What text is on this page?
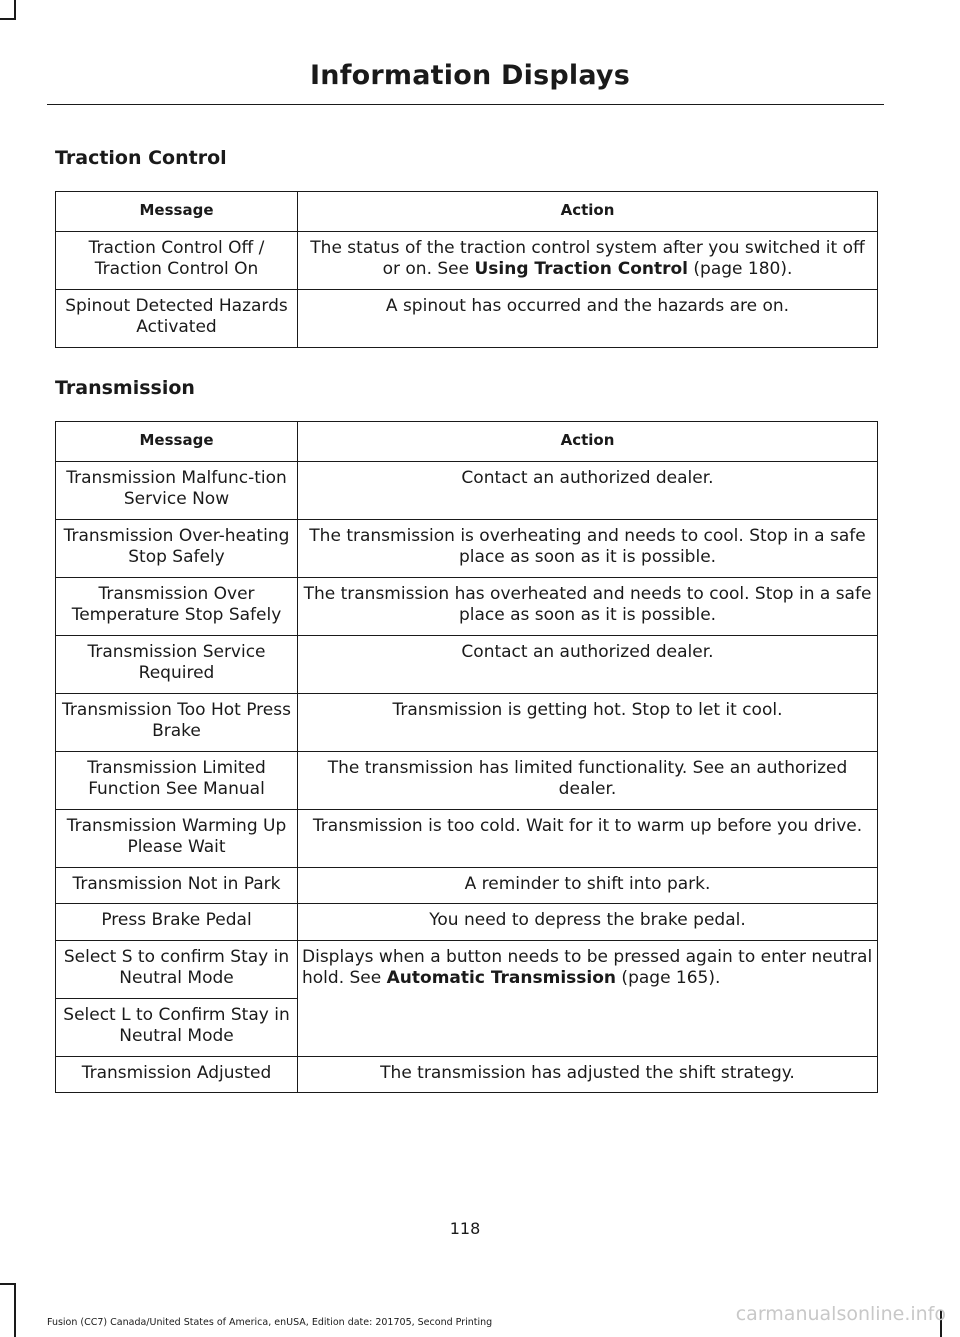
Information Displays
Traction Control
Message	Action
Traction Control Off / Traction Control On	The status of the traction control system after you switched it off or on. See Using Traction Control (page 180).
Spinout Detected Hazards Activated	A spinout has occurred and the hazards are on.
Transmission
Message	Action
Transmission Malfunc-tion Service Now	Contact an authorized dealer.
Transmission Over-heating Stop Safely	The transmission is overheating and needs to cool. Stop in a safe place as soon as it is possible.
Transmission Over Temperature Stop Safely	The transmission has overheated and needs to cool. Stop in a safe place as soon as it is possible.
Transmission Service Required	Contact an authorized dealer.
Transmission Too Hot Press Brake	Transmission is getting hot. Stop to let it cool.
Transmission Limited Function See Manual	The transmission has limited functionality. See an authorized dealer.
Transmission Warming Up Please Wait	Transmission is too cold. Wait for it to warm up before you drive.
Transmission Not in Park	A reminder to shift into park.
Press Brake Pedal	You need to depress the brake pedal.
Select S to confirm Stay in Neutral Mode	Displays when a button needs to be pressed again to enter neutral hold. See Automatic Transmission (page 165).
Select L to Confirm Stay in Neutral Mode	
Transmission Adjusted	The transmission has adjusted the shift strategy.
118
Fusion (CC7) Canada/United States of America, enUSA, Edition date: 201705, Second Printing	carmanualsonline.info
